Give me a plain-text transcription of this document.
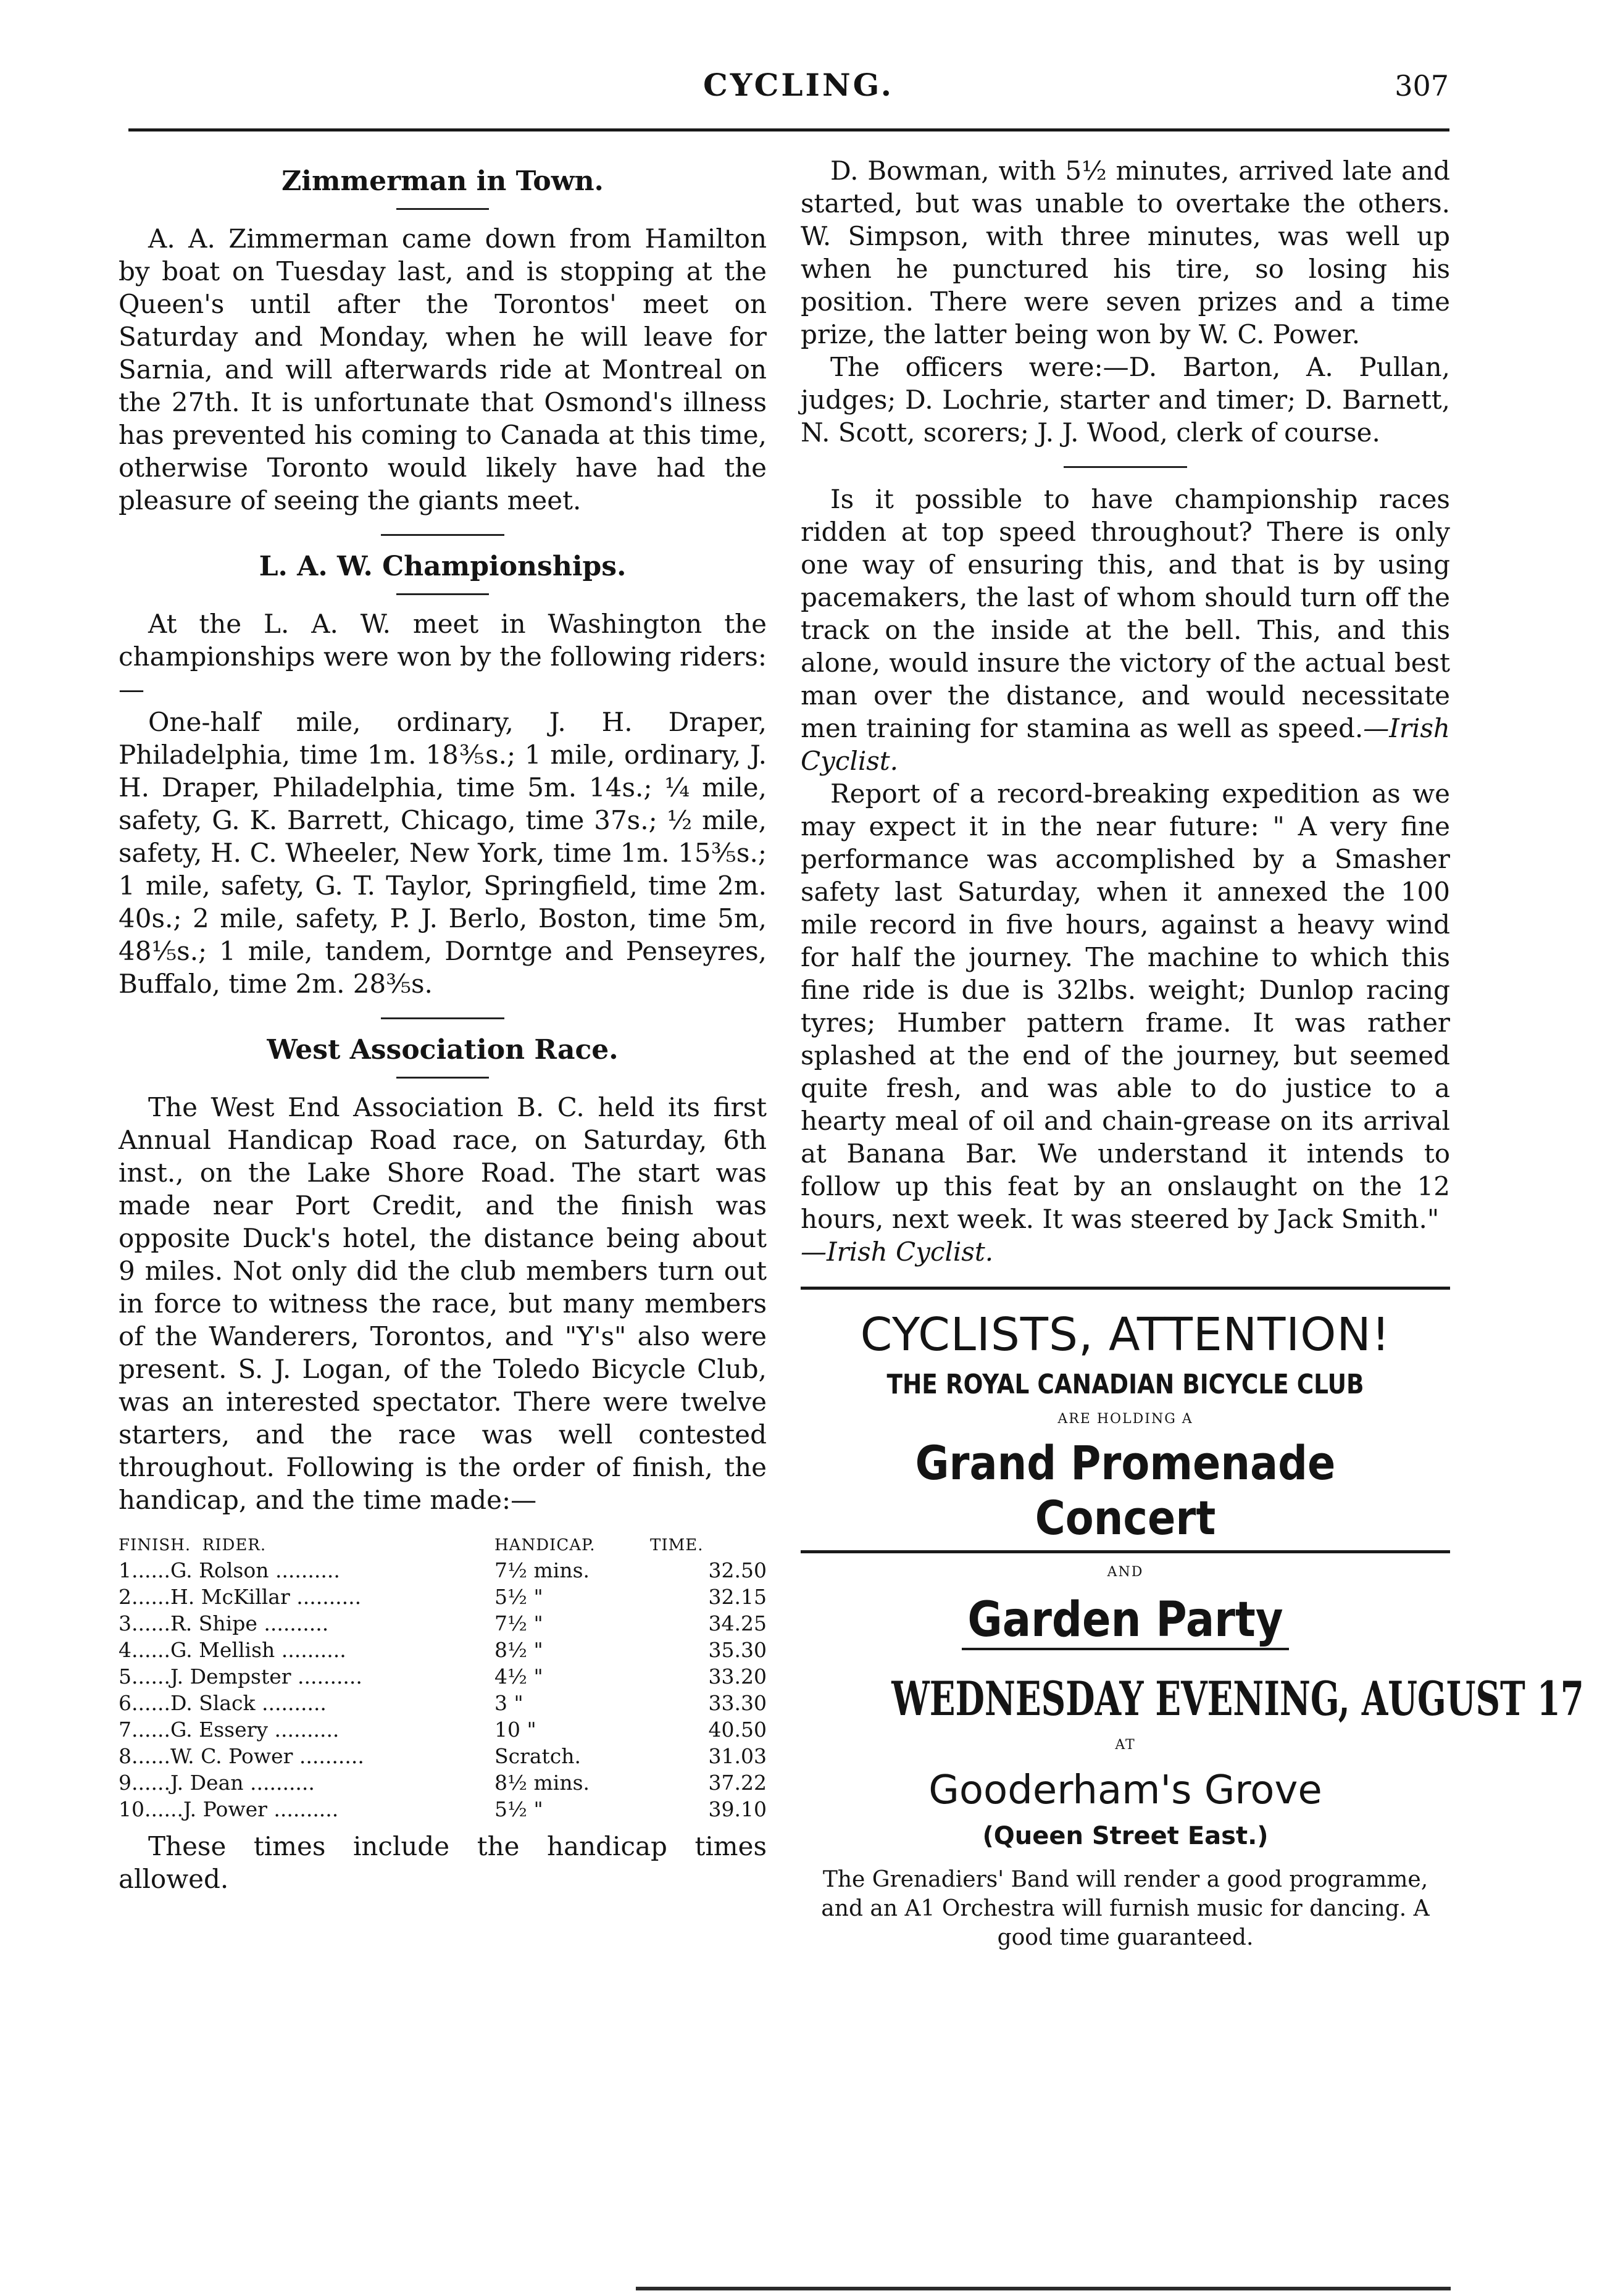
CYCLING.	307
Zimmerman in Town.

A. A. Zimmerman came down from Hamilton by boat on Tuesday last, and is stopping at the Queen's until after the Torontos' meet on Saturday and Monday, when he will leave for Sarnia, and will afterwards ride at Montreal on the 27th. It is unfortunate that Osmond's illness has prevented his coming to Canada at this time, otherwise Toronto would likely have had the pleasure of seeing the giants meet.

L. A. W. Championships.

At the L. A. W. meet in Washington the championships were won by the following riders:—

One-half mile, ordinary, J. H. Draper, Philadelphia, time 1m. 18⅗s.; 1 mile, ordinary, J. H. Draper, Philadelphia, time 5m. 14s.; ¼ mile, safety, G. K. Barrett, Chicago, time 37s.; ½ mile, safety, H. C. Wheeler, New York, time 1m. 15⅗s.; 1 mile, safety, G. T. Taylor, Springfield, time 2m. 40s.; 2 mile, safety, P. J. Berlo, Boston, time 5m, 48⅕s.; 1 mile, tandem, Dorntge and Penseyres, Buffalo, time 2m. 28⅗s.

West Association Race.

The West End Association B. C. held its first Annual Handicap Road race, on Saturday, 6th inst., on the Lake Shore Road. The start was made near Port Credit, and the finish was opposite Duck's hotel, the distance being about 9 miles. Not only did the club members turn out in force to witness the race, but many members of the Wanderers, Torontos, and "Y's" also were present. S. J. Logan, of the Toledo Bicycle Club, was an interested spectator. There were twelve starters, and the race was well contested throughout. Following is the order of finish, the handicap, and the time made:—

FINISH. RIDER.	HANDICAP.	TIME.
1......G. Rolson ..........	7½ mins.	32.50
2......H. McKillar ..........	5½ "	32.15
3......R. Shipe ..........	7½ "	34.25
4......G. Mellish ..........	8½ "	35.30
5......J. Dempster ..........	4½ "	33.20
6......D. Slack ..........	3 "	33.30
7......G. Essery ..........	10 "	40.50
8......W. C. Power ..........	Scratch.	31.03
9......J. Dean ..........	8½ mins.	37.22
10......J. Power ..........	5½ "	39.10

These times include the handicap times allowed.

D. Bowman, with 5½ minutes, arrived late and started, but was unable to overtake the others. W. Simpson, with three minutes, was well up when he punctured his tire, so losing his position. There were seven prizes and a time prize, the latter being won by W. C. Power.

The officers were:—D. Barton, A. Pullan, judges; D. Lochrie, starter and timer; D. Barnett, N. Scott, scorers; J. J. Wood, clerk of course.

Is it possible to have championship races ridden at top speed throughout? There is only one way of ensuring this, and that is by using pacemakers, the last of whom should turn off the track on the inside at the bell. This, and this alone, would insure the victory of the actual best man over the distance, and would necessitate men training for stamina as well as speed.—Irish Cyclist.

Report of a record-breaking expedition as we may expect it in the near future: " A very fine performance was accomplished by a Smasher safety last Saturday, when it annexed the 100 mile record in five hours, against a heavy wind for half the journey. The machine to which this fine ride is due is 32lbs. weight; Dunlop racing tyres; Humber pattern frame. It was rather splashed at the end of the journey, but seemed quite fresh, and was able to do justice to a hearty meal of oil and chain-grease on its arrival at Banana Bar. We understand it intends to follow up this feat by an onslaught on the 12 hours, next week. It was steered by Jack Smith."

—Irish Cyclist.

CYCLISTS, ATTENTION!
THE ROYAL CANADIAN BICYCLE CLUB
ARE HOLDING A
Grand Promenade Concert
AND
Garden Party
WEDNESDAY EVENING, AUGUST 17
AT
Gooderham's Grove
(Queen Street East.)
The Grenadiers' Band will render a good programme, and an A1 Orchestra will furnish music for dancing. A good time guaranteed.
